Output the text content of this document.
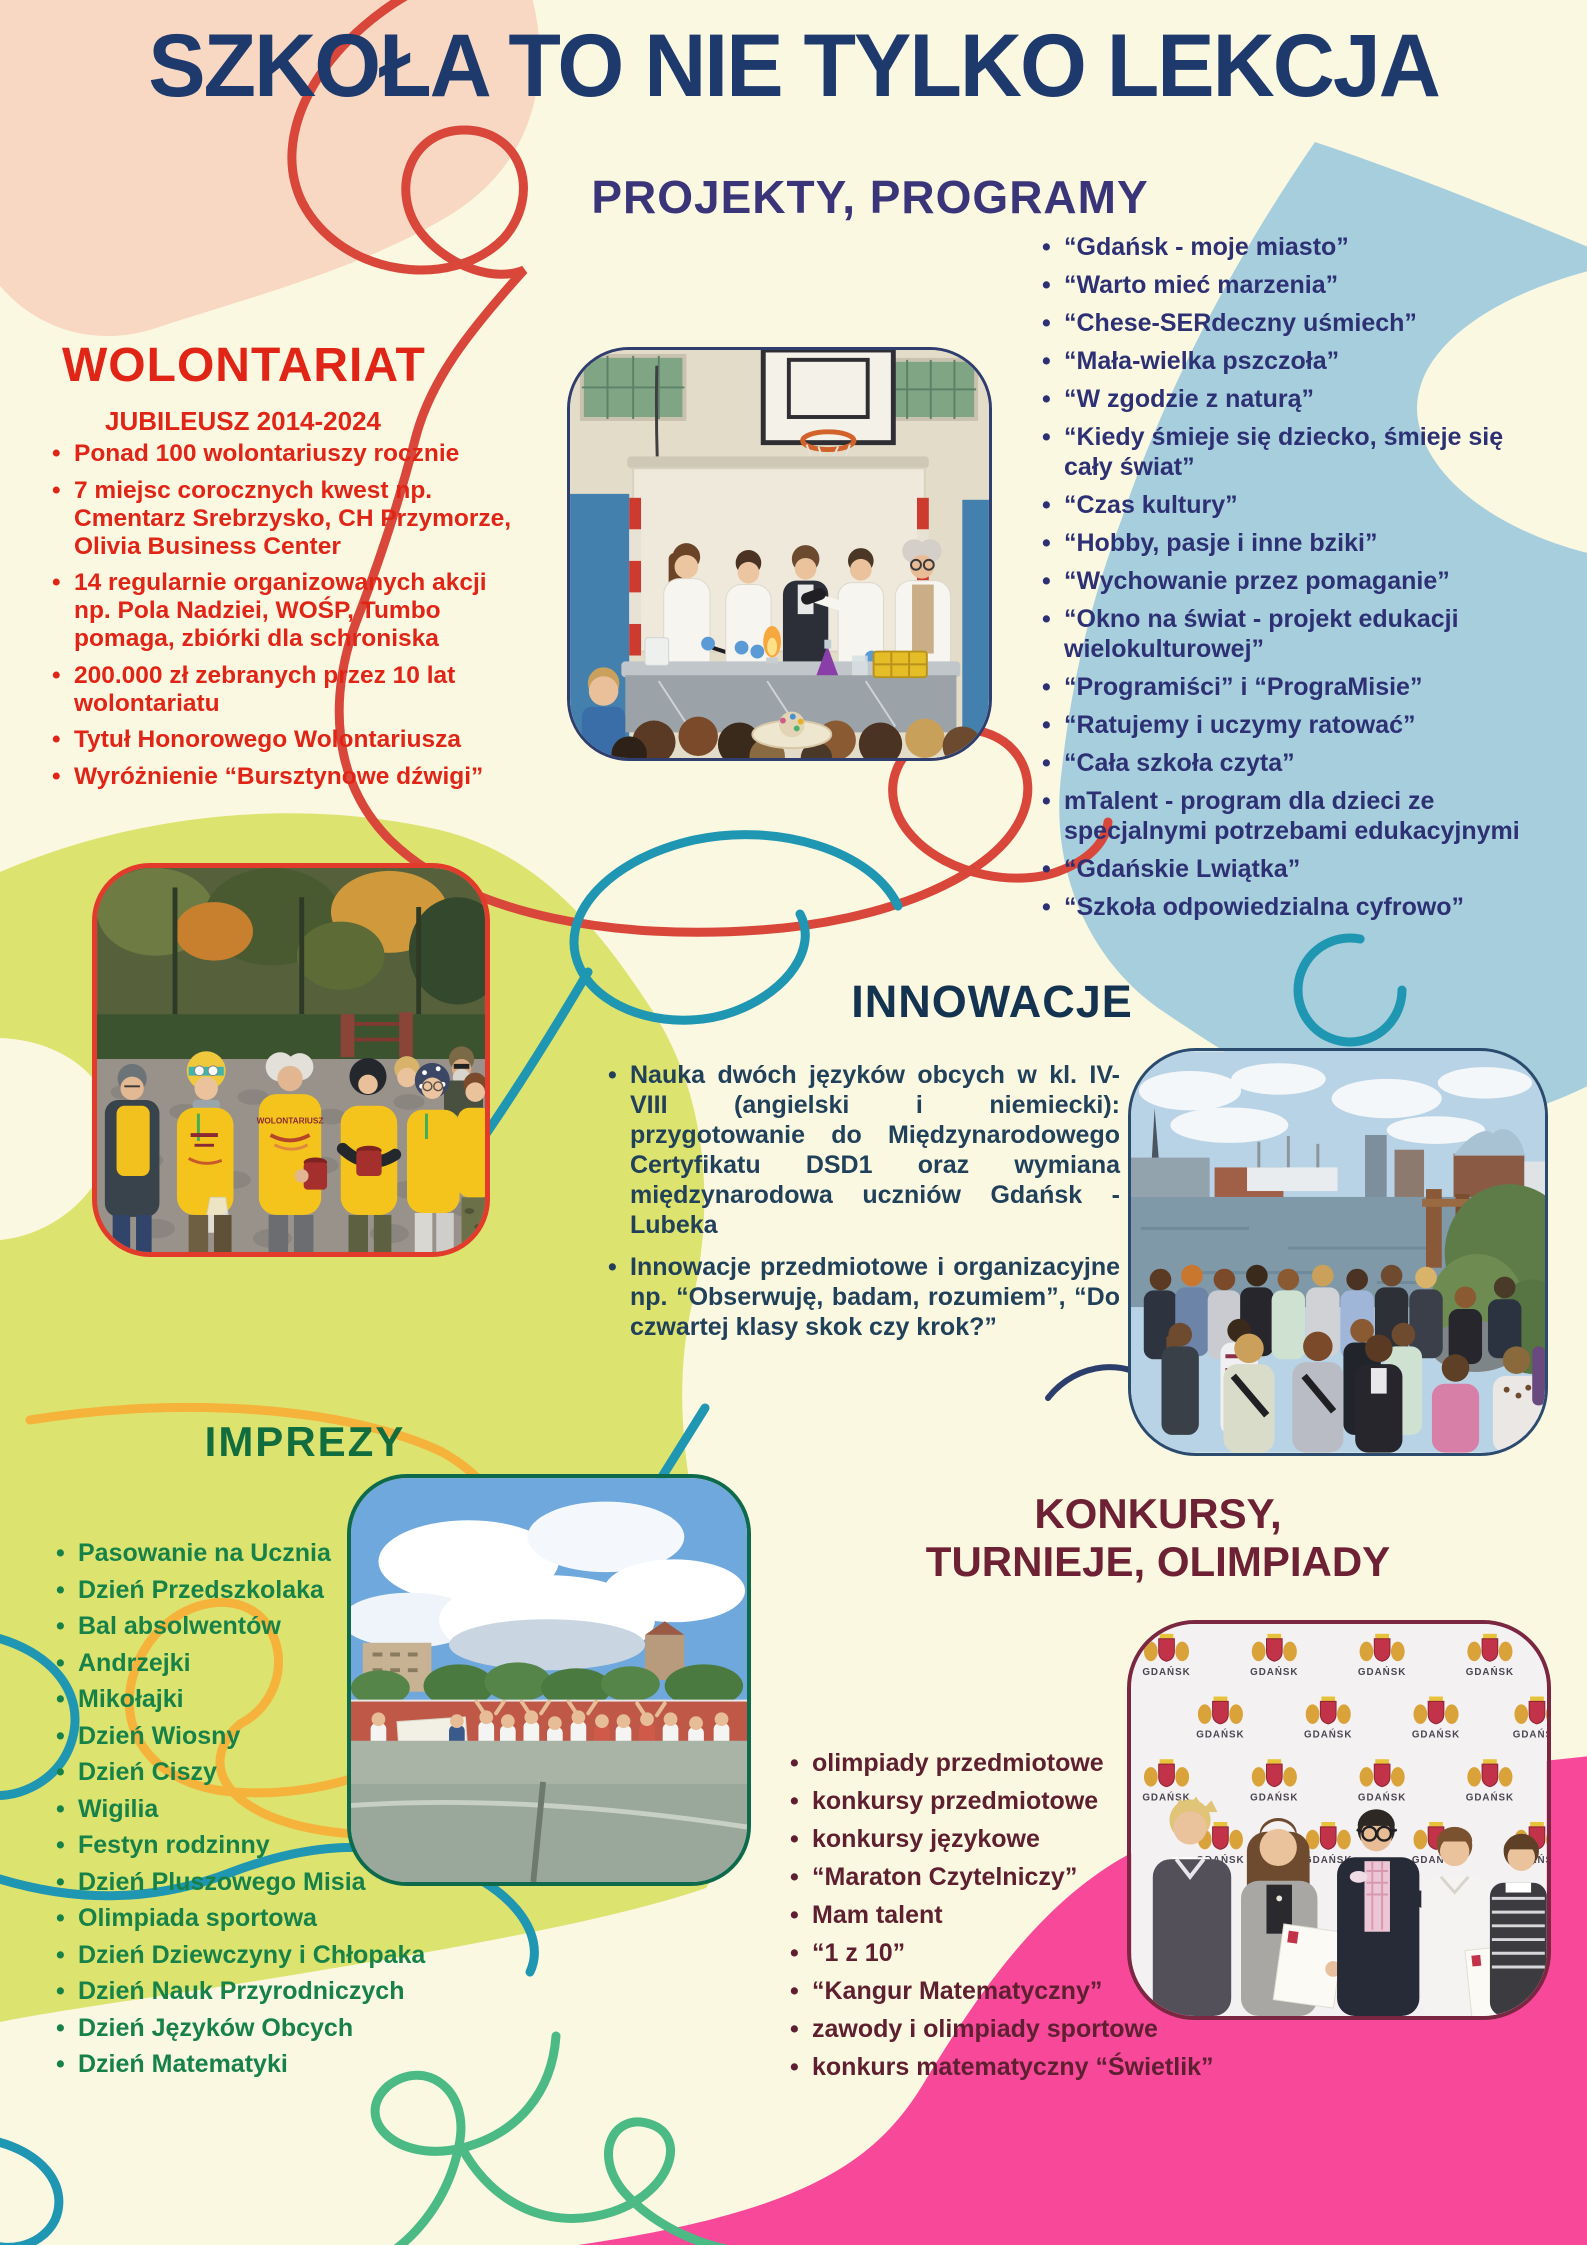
SZKOŁA TO NIE TYLKO LEKCJA
PROJEKTY, PROGRAMY
• “Gdańsk - moje miasto”
• “Warto mieć marzenia”
• “Chese-SERdeczny uśmiech”
• “Mała-wielka pszczoła”
• “W zgodzie z naturą”
• “Kiedy śmieje się dziecko, śmieje się cały świat”
• “Czas kultury”
• “Hobby, pasje i inne bziki”
• “Wychowanie przez pomaganie”
• “Okno na świat - projekt edukacji wielokulturowej”
• “Programiści” i “PrograMisie”
• “Ratujemy i uczymy ratować”
• “Cała szkoła czyta”
• mTalent - program dla dzieci ze specjalnymi potrzebami edukacyjnymi
• “Gdańskie Lwiątka”
• “Szkoła odpowiedzialna cyfrowo”
WOLONTARIAT
JUBILEUSZ 2014-2024
• Ponad 100 wolontariuszy rocznie
• 7 miejsc corocznych kwest np. Cmentarz Srebrzysko, CH Przymorze, Olivia Business Center
• 14 regularnie organizowanych akcji np. Pola Nadziei, WOŚP, Tumbo pomaga, zbiórki dla schroniska
• 200.000 zł zebranych przez 10 lat wolontariatu
• Tytuł Honorowego Wolontariusza
• Wyróżnienie “Bursztynowe dźwigi”
INNOWACJE
• Nauka dwóch języków obcych w kl. IV-VIII (angielski i niemiecki): przygotowanie do Międzynarodowego Certyfikatu DSD1 oraz wymiana międzynarodowa uczniów Gdańsk - Lubeka
• Innowacje przedmiotowe i organizacyjne np. “Obserwuję, badam, rozumiem”, “Do czwartej klasy skok czy krok?”
IMPREZY
• Pasowanie na Ucznia
• Dzień Przedszkolaka
• Bal absolwentów
• Andrzejki
• Mikołajki
• Dzień Wiosny
• Dzień Ciszy
• Wigilia
• Festyn rodzinny
• Dzień Pluszowego Misia
• Olimpiada sportowa
• Dzień Dziewczyny i Chłopaka
• Dzień Nauk Przyrodniczych
• Dzień Języków Obcych
• Dzień Matematyki
KONKURSY,
TURNIEJE, OLIMPIADY
• olimpiady przedmiotowe
• konkursy przedmiotowe
• konkursy językowe
• “Maraton Czytelniczy”
• Mam talent
• “1 z 10”
• “Kangur Matematyczny”
• zawody i olimpiady sportowe
• konkurs matematyczny “Świetlik”
WOLONTARIUSZ
